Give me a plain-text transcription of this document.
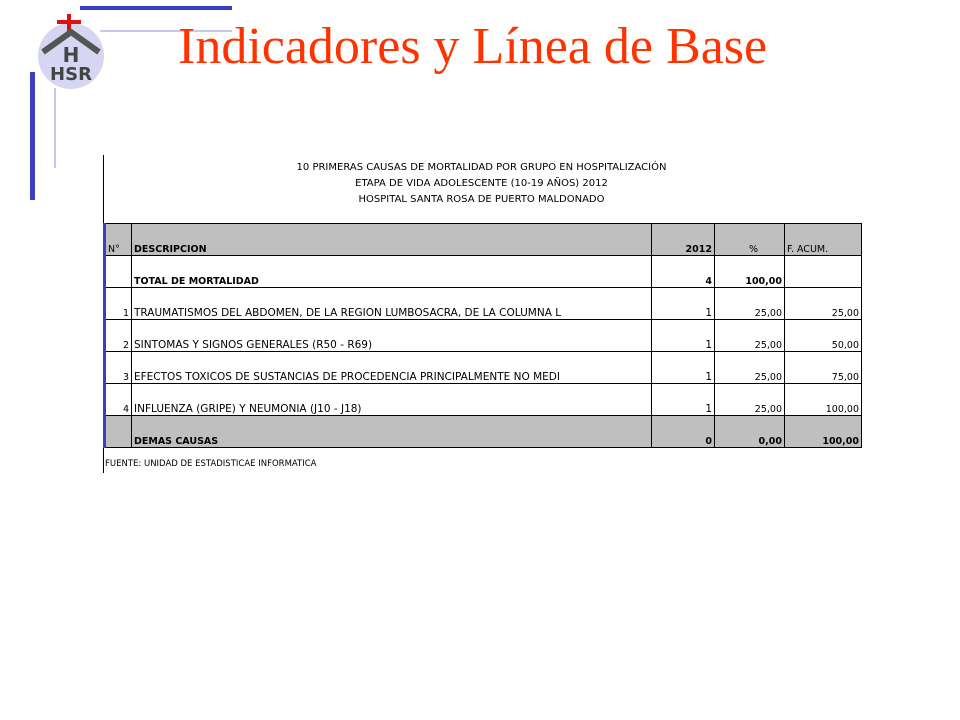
H
HSR Indicadores y Línea de Base
10 PRIMERAS CAUSAS DE MORTALIDAD POR GRUPO EN HOSPITALIZACIÓN
ETAPA DE VIDA ADOLESCENTE (10-19 AÑOS) 2012
HOSPITAL SANTA ROSA DE PUERTO MALDONADO
N°	DESCRIPCION	2012	%	F. ACUM.
	TOTAL DE MORTALIDAD	4	100,00	
1	TRAUMATISMOS DEL ABDOMEN, DE LA REGION LUMBOSACRA, DE LA COLUMNA L	1	25,00	25,00
2	SINTOMAS Y SIGNOS GENERALES (R50 - R69)	1	25,00	50,00
3	EFECTOS TOXICOS DE SUSTANCIAS DE PROCEDENCIA PRINCIPALMENTE NO MEDI	1	25,00	75,00
4	INFLUENZA (GRIPE) Y NEUMONIA (J10 - J18)	1	25,00	100,00
	DEMAS CAUSAS	0	0,00	100,00
FUENTE: UNIDAD DE ESTADISTICAE INFORMATICA
